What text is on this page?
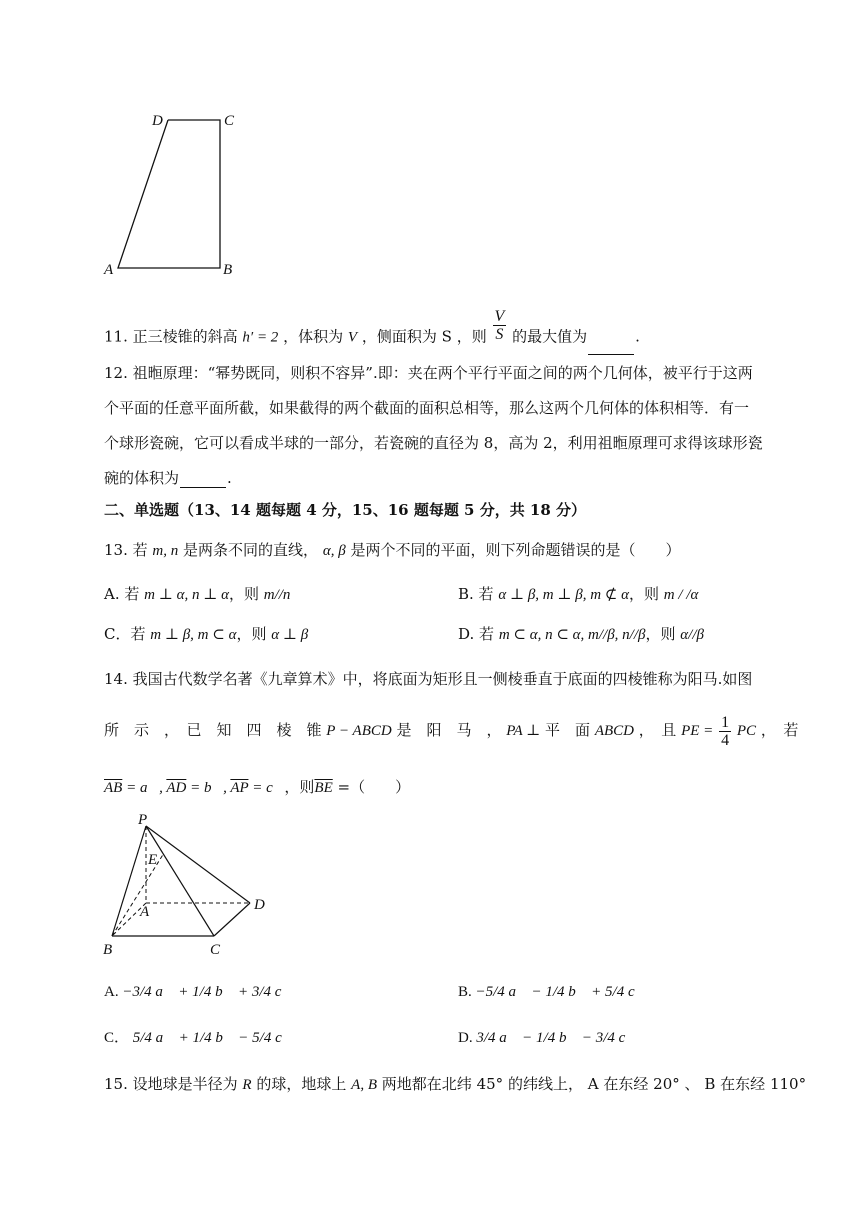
D	C
A	B
11. 正三棱锥的斜高 h′ = 2 ，体积为 V ，侧面积为 S ，则 $\frac{V}{S}$ 的最大值为	.
12. 祖暅原理：“幂势既同，则积不容异”.即：夹在两个平行平面之间的两个几何体，被平行于这两
个平面的任意平面所截，如果截得的两个截面的面积总相等，那么这两个几何体的体积相等．有一
个球形瓷碗，它可以看成半球的一部分，若瓷碗的直径为 8，高为 2，利用祖暅原理可求得该球形瓷
碗的体积为	.
二、单选题（13、14 题每题 4 分，15、16 题每题 5 分，共 18 分）
13. 若 m, n 是两条不同的直线， α, β 是两个不同的平面，则下列命题错误的是（　　）
A. 若 m ⊥ α, n ⊥ α，则 m//n	B. 若 α ⊥ β, m ⊥ β, m ⊄ α，则 m / /α
C．若 m ⊥ β, m ⊂ α，则 α ⊥ β	D. 若 m ⊂ α, n ⊂ α, m//β, n//β，则 α//β
14. 我国古代数学名著《九章算术》中，将底面为矩形且一侧棱垂直于底面的四棱锥称为阳马.如图
所　示　，　已　知　四　棱　锥 P − ABCD 是　阳　马　， PA ⊥ 平　面 ABCD ，　且 PE = $\frac{1}{4}$ PC ，　若
$\overline{AB}$ = a⃗, $\overline{AD}$ = b⃗, $\overline{AP}$ = c⃗，则$\overline{BE}$ =（　　）
P
E
D
A
B	C
A. −3/4 a⃗ + 1/4 b⃗ + 3/4 c⃗	B. −5/4 a⃗ − 1/4 b⃗ + 5/4 c⃗
C． 5/4 a⃗ + 1/4 b⃗ − 5/4 c⃗	D. 3/4 a⃗ − 1/4 b⃗ − 3/4 c⃗
15. 设地球是半径为 R 的球，地球上 A, B 两地都在北纬 45° 的纬线上， A 在东经 20° 、 B 在东经 110°
